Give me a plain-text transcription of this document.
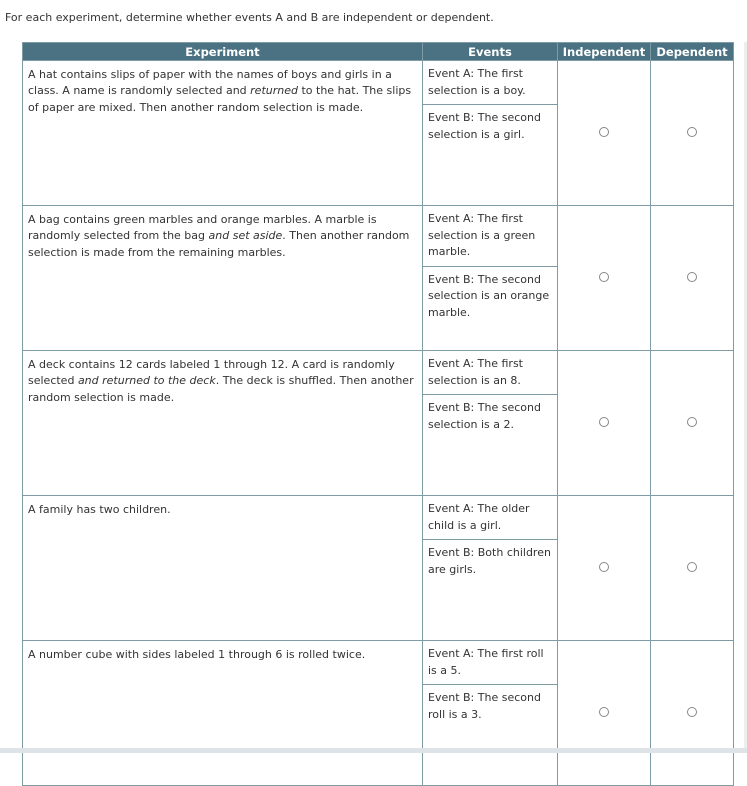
For each experiment, determine whether events A and B are independent or dependent.
Experiment	Events	Independent	Dependent
A hat contains slips of paper with the names of boys and girls in a class. A name is randomly selected and returned to the hat. The slips of paper are mixed. Then another random selection is made.	Event A: The first selection is a boy.
Event B: The second selection is a girl.		

A bag contains green marbles and orange marbles. A marble is randomly selected from the bag and set aside. Then another random selection is made from the remaining marbles.	Event A: The first selection is a green marble.
Event B: The second selection is an orange marble.		

A deck contains 12 cards labeled 1 through 12. A card is randomly selected and returned to the deck. The deck is shuffled. Then another random selection is made.	Event A: The first selection is an 8.
Event B: The second selection is a 2.		

A family has two children.	Event A: The older child is a girl.
Event B: Both children are girls.		

A number cube with sides labeled 1 through 6 is rolled twice.	Event A: The first roll is a 5.
Event B: The second roll is a 3.		
